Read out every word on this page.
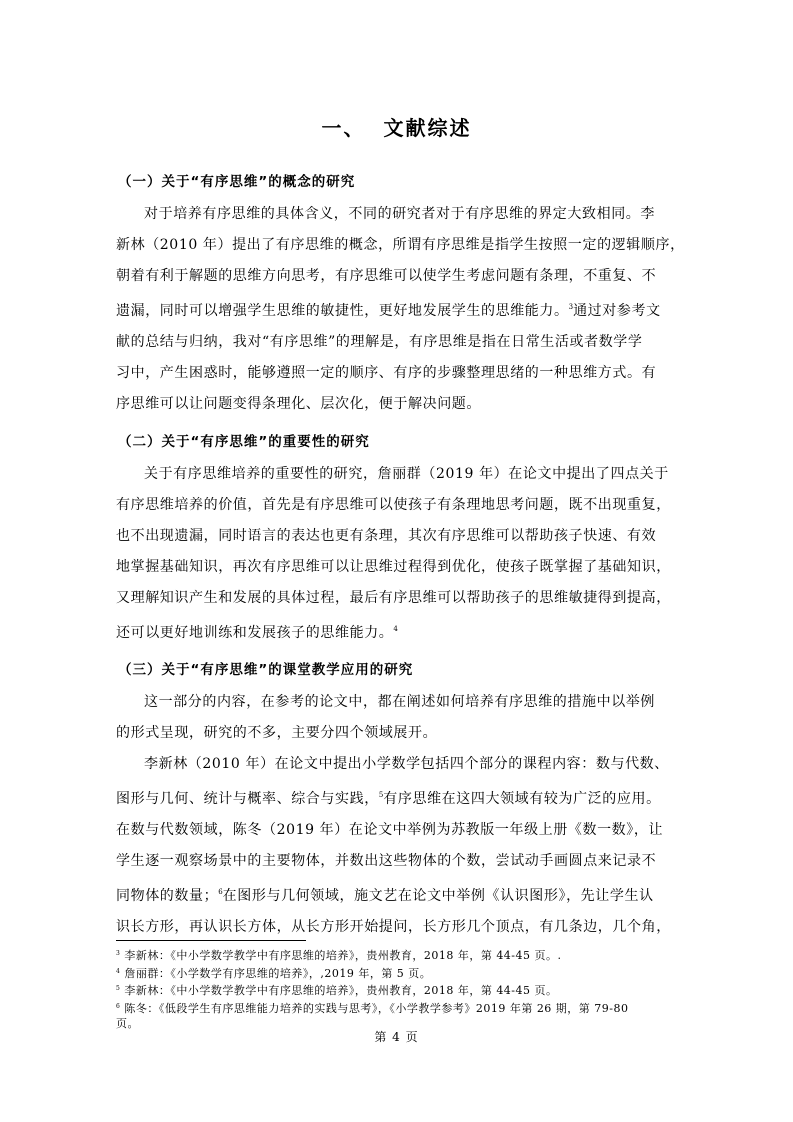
一、 文献综述
（一）关于“有序思维”的概念的研究
对于培养有序思维的具体含义，不同的研究者对于有序思维的界定大致相同。李
新林（2010 年）提出了有序思维的概念，所谓有序思维是指学生按照一定的逻辑顺序，
朝着有利于解题的思维方向思考，有序思维可以使学生考虑问题有条理，不重复、不
遗漏，同时可以增强学生思维的敏捷性，更好地发展学生的思维能力。$^3$通过对参考文
献的总结与归纳，我对“有序思维”的理解是，有序思维是指在日常生活或者数学学
习中，产生困惑时，能够遵照一定的顺序、有序的步骤整理思绪的一种思维方式。有
序思维可以让问题变得条理化、层次化，便于解决问题。
（二）关于“有序思维”的重要性的研究
关于有序思维培养的重要性的研究，詹丽群（2019 年）在论文中提出了四点关于
有序思维培养的价值，首先是有序思维可以使孩子有条理地思考问题，既不出现重复，
也不出现遗漏，同时语言的表达也更有条理，其次有序思维可以帮助孩子快速、有效
地掌握基础知识，再次有序思维可以让思维过程得到优化，使孩子既掌握了基础知识，
又理解知识产生和发展的具体过程，最后有序思维可以帮助孩子的思维敏捷得到提高，
还可以更好地训练和发展孩子的思维能力。$^4$
（三）关于“有序思维”的课堂教学应用的研究
这一部分的内容，在参考的论文中，都在阐述如何培养有序思维的措施中以举例
的形式呈现，研究的不多，主要分四个领域展开。
李新林（2010 年）在论文中提出小学数学包括四个部分的课程内容：数与代数、
图形与几何、统计与概率、综合与实践，$^5$有序思维在这四大领域有较为广泛的应用。
在数与代数领域，陈冬（2019 年）在论文中举例为苏教版一年级上册《数一数》，让
学生逐一观察场景中的主要物体，并数出这些物体的个数，尝试动手画圆点来记录不
同物体的数量；$^6$在图形与几何领域，施文艺在论文中举例《认识图形》，先让学生认
识长方形，再认识长方体，从长方形开始提问，长方形几个顶点，有几条边，几个角，
$^3$ 李新林：《中小学数学教学中有序思维的培养》，贵州教育，2018 年，第 44-45 页。.
$^4$ 詹丽群：《小学数学有序思维的培养》，,2019 年，第 5 页。
$^5$ 李新林：《中小学数学教学中有序思维的培养》，贵州教育，2018 年，第 44-45 页。
$^6$ 陈冬：《低段学生有序思维能力培养的实践与思考》，《小学教学参考》2019 年第 26 期，第 79-80
页。
第 4 页
